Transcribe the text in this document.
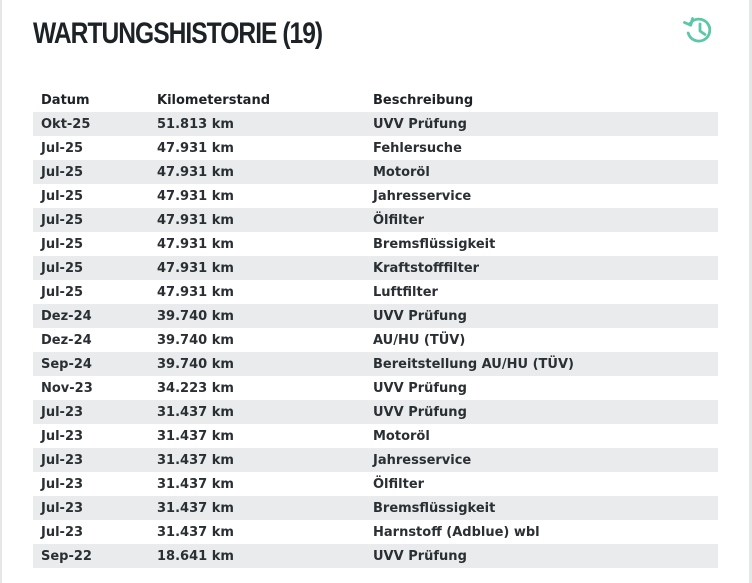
WARTUNGSHISTORIE (19)
Datum	Kilometerstand	Beschreibung
Okt-25	51.813 km	UVV Prüfung
Jul-25	47.931 km	Fehlersuche
Jul-25	47.931 km	Motoröl
Jul-25	47.931 km	Jahresservice
Jul-25	47.931 km	Ölfilter
Jul-25	47.931 km	Bremsflüssigkeit
Jul-25	47.931 km	Kraftstofffilter
Jul-25	47.931 km	Luftfilter
Dez-24	39.740 km	UVV Prüfung
Dez-24	39.740 km	AU/HU (TÜV)
Sep-24	39.740 km	Bereitstellung AU/HU (TÜV)
Nov-23	34.223 km	UVV Prüfung
Jul-23	31.437 km	UVV Prüfung
Jul-23	31.437 km	Motoröl
Jul-23	31.437 km	Jahresservice
Jul-23	31.437 km	Ölfilter
Jul-23	31.437 km	Bremsflüssigkeit
Jul-23	31.437 km	Harnstoff (Adblue) wbl
Sep-22	18.641 km	UVV Prüfung
